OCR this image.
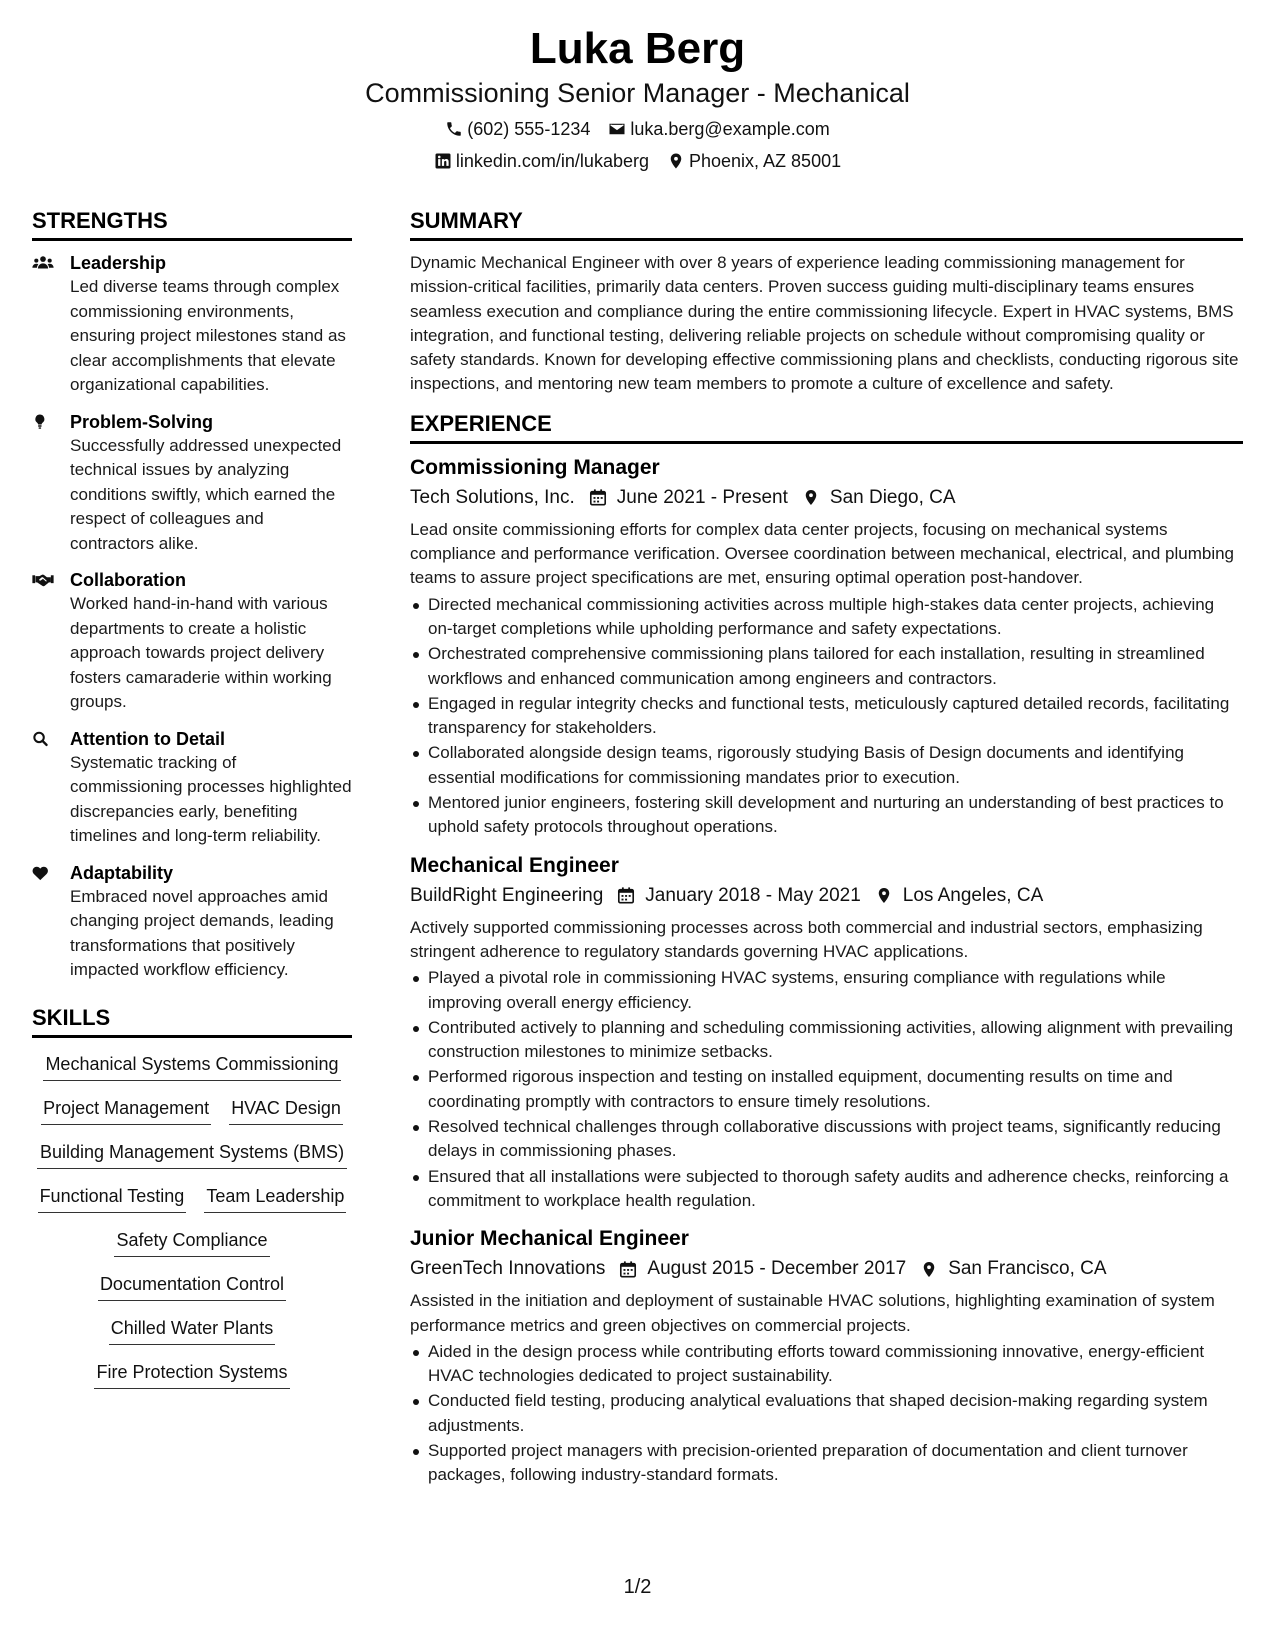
Luka Berg
Commissioning Senior Manager - Mechanical
(602) 555-1234 luka.berg@example.com
linkedin.com/in/lukaberg Phoenix, AZ 85001
STRENGTHS
Leadership
Led diverse teams through complex commissioning environments, ensuring project milestones stand as clear accomplishments that elevate organizational capabilities.
Problem-Solving
Successfully addressed unexpected technical issues by analyzing conditions swiftly, which earned the respect of colleagues and contractors alike.
Collaboration
Worked hand-in-hand with various departments to create a holistic approach towards project delivery fosters camaraderie within working groups.
Attention to Detail
Systematic tracking of commissioning processes highlighted discrepancies early, benefiting timelines and long-term reliability.
Adaptability
Embraced novel approaches amid changing project demands, leading transformations that positively impacted workflow efficiency.
SKILLS
Mechanical Systems Commissioning
Project Management HVAC Design
Building Management Systems (BMS)
Functional Testing Team Leadership
Safety Compliance
Documentation Control
Chilled Water Plants
Fire Protection Systems
SUMMARY
Dynamic Mechanical Engineer with over 8 years of experience leading commissioning management for mission-critical facilities, primarily data centers. Proven success guiding multi-disciplinary teams ensures seamless execution and compliance during the entire commissioning lifecycle. Expert in HVAC systems, BMS integration, and functional testing, delivering reliable projects on schedule without compromising quality or safety standards. Known for developing effective commissioning plans and checklists, conducting rigorous site inspections, and mentoring new team members to promote a culture of excellence and safety.
EXPERIENCE
Commissioning Manager
Tech Solutions, Inc. June 2021 - Present San Diego, CA
Lead onsite commissioning efforts for complex data center projects, focusing on mechanical systems compliance and performance verification. Oversee coordination between mechanical, electrical, and plumbing teams to assure project specifications are met, ensuring optimal operation post-handover.
Directed mechanical commissioning activities across multiple high-stakes data center projects, achieving on-target completions while upholding performance and safety expectations.
Orchestrated comprehensive commissioning plans tailored for each installation, resulting in streamlined workflows and enhanced communication among engineers and contractors.
Engaged in regular integrity checks and functional tests, meticulously captured detailed records, facilitating transparency for stakeholders.
Collaborated alongside design teams, rigorously studying Basis of Design documents and identifying essential modifications for commissioning mandates prior to execution.
Mentored junior engineers, fostering skill development and nurturing an understanding of best practices to uphold safety protocols throughout operations.
Mechanical Engineer
BuildRight Engineering January 2018 - May 2021 Los Angeles, CA
Actively supported commissioning processes across both commercial and industrial sectors, emphasizing stringent adherence to regulatory standards governing HVAC applications.
Played a pivotal role in commissioning HVAC systems, ensuring compliance with regulations while improving overall energy efficiency.
Contributed actively to planning and scheduling commissioning activities, allowing alignment with prevailing construction milestones to minimize setbacks.
Performed rigorous inspection and testing on installed equipment, documenting results on time and coordinating promptly with contractors to ensure timely resolutions.
Resolved technical challenges through collaborative discussions with project teams, significantly reducing delays in commissioning phases.
Ensured that all installations were subjected to thorough safety audits and adherence checks, reinforcing a commitment to workplace health regulation.
Junior Mechanical Engineer
GreenTech Innovations August 2015 - December 2017 San Francisco, CA
Assisted in the initiation and deployment of sustainable HVAC solutions, highlighting examination of system performance metrics and green objectives on commercial projects.
Aided in the design process while contributing efforts toward commissioning innovative, energy-efficient HVAC technologies dedicated to project sustainability.
Conducted field testing, producing analytical evaluations that shaped decision-making regarding system adjustments.
Supported project managers with precision-oriented preparation of documentation and client turnover packages, following industry-standard formats.
1/2
